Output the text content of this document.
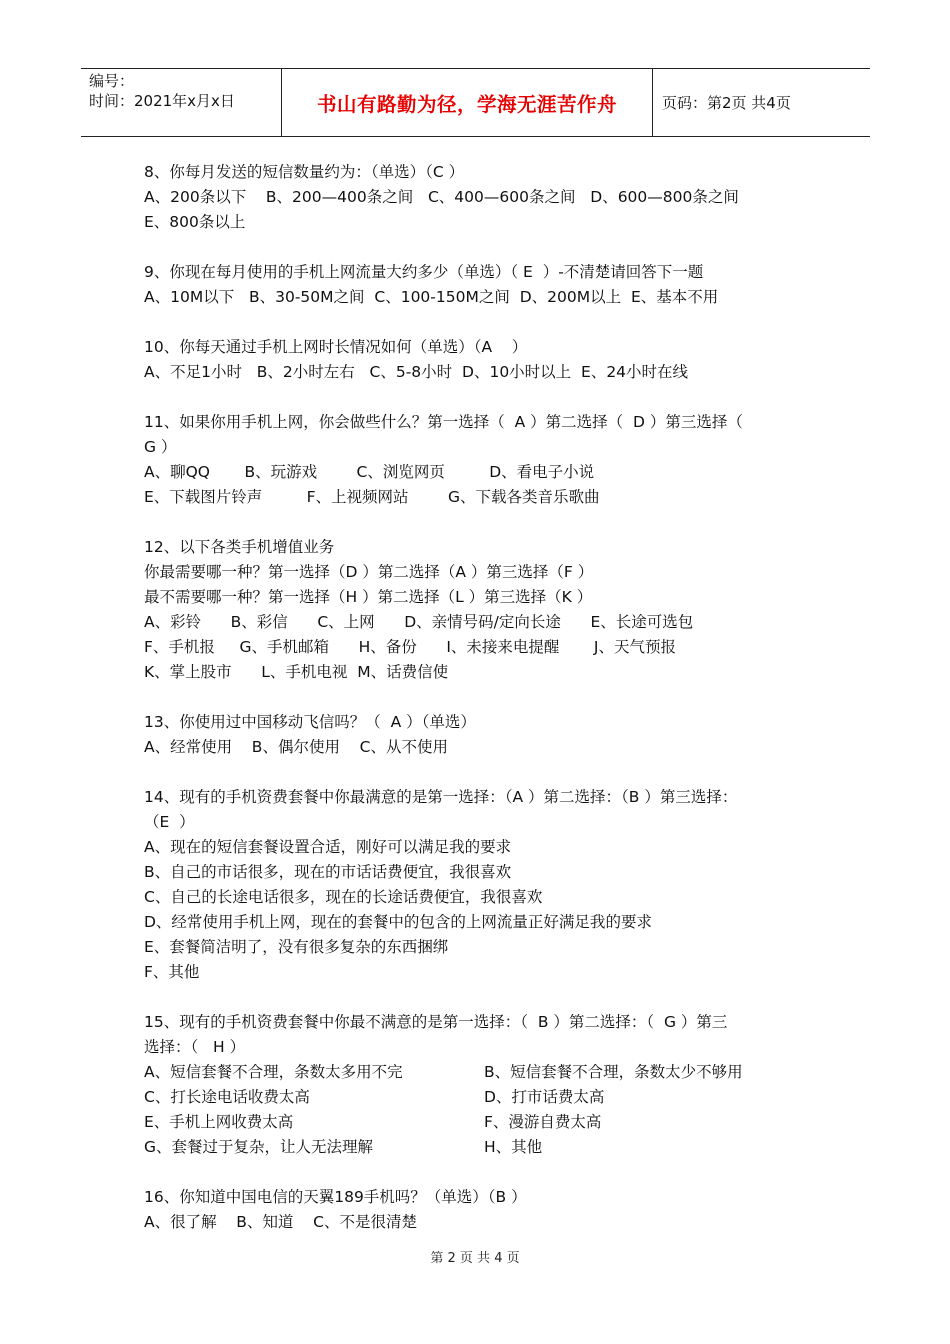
编号：
时间：2021年x月x日	书山有路勤为径，学海无涯苦作舟	页码：第2页 共4页
8、你每月发送的短信数量约为：（单选）（C ）
A、200条以下    B、200—400条之间   C、400—600条之间   D、600—800条之间
E、800条以上
9、你现在每月使用的手机上网流量大约多少（单选）（ E  ）-不清楚请回答下一题
A、10M以下   B、30-50M之间  C、100-150M之间  D、200M以上  E、基本不用
10、你每天通过手机上网时长情况如何（单选）（A    ）
A、不足1小时   B、2小时左右   C、5-8小时  D、10小时以上  E、24小时在线
11、如果你用手机上网，你会做些什么？第一选择（  A ）第二选择（  D ）第三选择（
G ）
A、聊QQ       B、玩游戏        C、浏览网页         D、看电子小说
E、下载图片铃声         F、上视频网站        G、下载各类音乐歌曲
12、以下各类手机增值业务
你最需要哪一种？第一选择（D ）第二选择（A ）第三选择（F ）
最不需要哪一种？第一选择（H ）第二选择（L ）第三选择（K ）
A、彩铃      B、彩信      C、上网      D、亲情号码/定向长途      E、长途可选包
F、手机报     G、手机邮箱      H、备份      I、未接来电提醒       J、天气预报
K、掌上股市      L、手机电视  M、话费信使
13、你使用过中国移动飞信吗？（  A ）（单选）
A、经常使用    B、偶尔使用    C、从不使用
14、现有的手机资费套餐中你最满意的是第一选择：（A ）第二选择：（B ）第三选择：
（E  ）
A、现在的短信套餐设置合适，刚好可以满足我的要求
B、自己的市话很多，现在的市话话费便宜，我很喜欢
C、自己的长途电话很多，现在的长途话费便宜，我很喜欢
D、经常使用手机上网，现在的套餐中的包含的上网流量正好满足我的要求
E、套餐简洁明了，没有很多复杂的东西捆绑
F、其他
15、现有的手机资费套餐中你最不满意的是第一选择：（  B ）第二选择：（  G ）第三
选择：（   H ）
A、短信套餐不合理，条数太多用不完	B、短信套餐不合理，条数太少不够用
C、打长途电话收费太高	D、打市话费太高
E、手机上网收费太高	F、漫游自费太高
G、套餐过于复杂，让人无法理解	H、其他
16、你知道中国电信的天翼189手机吗？（单选）（B ）
A、很了解    B、知道    C、不是很清楚
第 2 页 共 4 页
